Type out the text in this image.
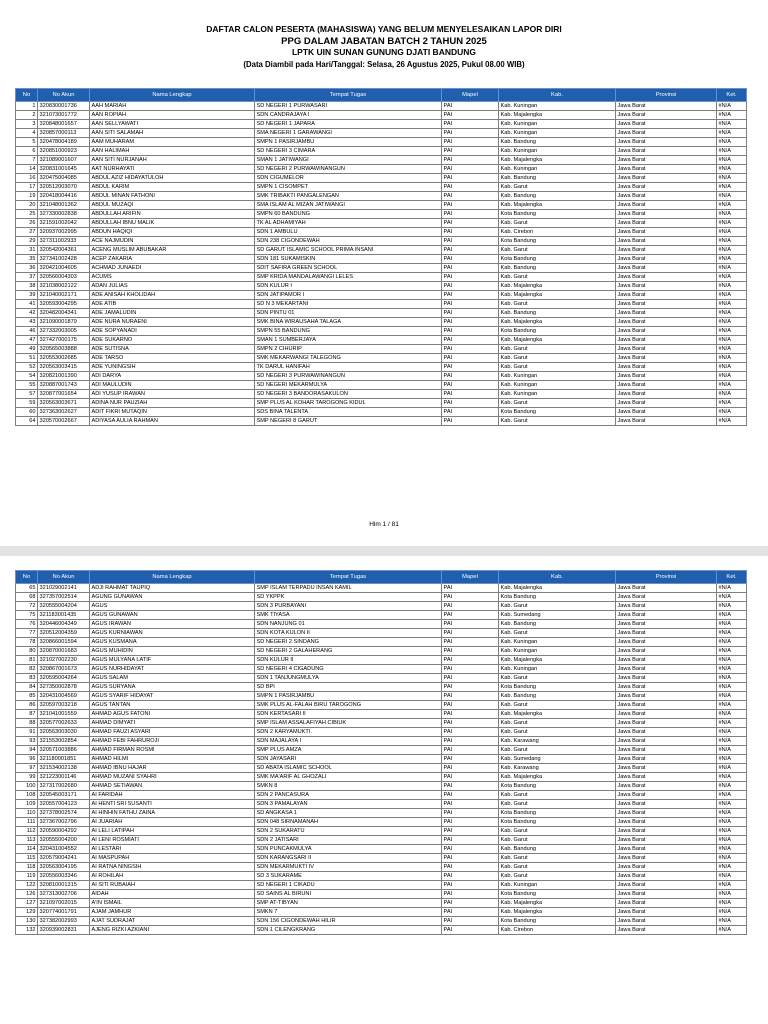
DAFTAR CALON PESERTA (MAHASISWA) YANG BELUM MENYELESAIKAN LAPOR DIRI
PPG DALAM JABATAN BATCH 2 TAHUN 2025
LPTK UIN SUNAN GUNUNG DJATI BANDUNG
(Data Diambil pada Hari/Tanggal: Selasa, 26 Agustus 2025, Pukul 08.00 WIB)
No	No Akun	Nama Lengkap	Tempat Tugas	Mapel	Kab.	Provinsi	Ket.
1	320830001736	AAH MARIAH	SD NEGERI 1 PURWASARI	PAI	Kab. Kuningan	Jawa Barat	#N/A
2	321073001772	AAN ROPIAH	SDN CANDRAJAYA I	PAI	Kab. Majalengka	Jawa Barat	#N/A
3	320848001657	AAN SELLYAWATI	SD NEGERI 1 JAPARA	PAI	Kab. Kuningan	Jawa Barat	#N/A
4	320857000113	AAN SITI SALAMAH	SMA NEGERI 1 GARAWANGI	PAI	Kab. Kuningan	Jawa Barat	#N/A
5	320478004189	AAM MUHARAM	SMPN 1 PASIRJAMBU	PAI	Kab. Bandung	Jawa Barat	#N/A
6	320851000923	AAN HALIMAH	SD NEGERI 3 CIMARA	PAI	Kab. Kuningan	Jawa Barat	#N/A
7	321089001607	AAN SITI NURJANAH	SMAN 1 JATIWANGI	PAI	Kab. Majalengka	Jawa Barat	#N/A
14	320831001645	AAT NURHAYATI	SD NEGERI 2 PURWAWINANGUN	PAI	Kab. Kuningan	Jawa Barat	#N/A
16	320475004085	ABDUL AZIZ HIDAYATULOH	SDN CIGUMELOR	PAI	Kab. Bandung	Jawa Barat	#N/A
17	320512003070	ABDUL KARIM	SMPN 1 CISOMPET	PAI	Kab. Garut	Jawa Barat	#N/A
19	320418004416	ABDUL MINAN FATHONI	SMK TRIBAKTI PANGALENGAN	PAI	Kab. Bandung	Jawa Barat	#N/A
20	321048001362	ABDUL MUZAQI	SMA ISLAM AL MIZAN JATIWANGI	PAI	Kab. Majalengka	Jawa Barat	#N/A
25	327330002838	ABDULLAH ARIFIN	SMPN 60 BANDUNG	PAI	Kota Bandung	Jawa Barat	#N/A
26	321591002042	ABDULLAH IBNU MALIK	TK AL ADHAMIYAH	PAI	Kab. Garut	Jawa Barat	#N/A
27	320937002995	ABDUN HAQIQI	SDN 1 AMBULU	PAI	Kab. Cirebon	Jawa Barat	#N/A
29	327311002933	ACE NAJMUDIN	SDN 238 CIGONDEWAH	PAI	Kota Bandung	Jawa Barat	#N/A
31	320542004361	ACENG MUSLIM ABUBAKAR	SD GARUT ISLAMIC SCHOOL PRIMA INSANI	PAI	Kab. Garut	Jawa Barat	#N/A
35	327341002428	ACEP ZAKARIA	SDN 181 SUKAMISKIN	PAI	Kota Bandung	Jawa Barat	#N/A
36	320421004605	ACHMAD JUNAEDI	SDIT SAFIRA GREEN SCHOOL	PAI	Kab. Bandung	Jawa Barat	#N/A
37	320566004303	ACUMS	SMP KRIDA MANDALAWANGI LELES	PAI	Kab. Garut	Jawa Barat	#N/A
38	321038002122	ADAN JULIAS	SDN KULUR I	PAI	Kab. Majalengka	Jawa Barat	#N/A
39	321040002171	ADE ANISAH KHOLIDAH	SDN JATIPAMOR I	PAI	Kab. Majalengka	Jawa Barat	#N/A
41	320593004295	ADE ATIB	SD N 3 MEKARTANI	PAI	Kab. Garut	Jawa Barat	#N/A
42	320482004341	ADE JAMALUDIN	SDN PINTU 01	PAI	Kab. Bandung	Jawa Barat	#N/A
43	321090001879	ADE NURA NURAENI	SMK BINA WIRAUSAHA TALAGA	PAI	Kab. Majalengka	Jawa Barat	#N/A
46	327332003005	ADE SOPYANADI	SMPN 55 BANDUNG	PAI	Kota Bandung	Jawa Barat	#N/A
47	327427000175	ADE SUKARNO	SMAN 1 SUMBERJAYA	PAI	Kab. Majalengka	Jawa Barat	#N/A
49	320565003888	ADE SUTISNA	SMPN 2 CIHURIP	PAI	Kab. Garut	Jawa Barat	#N/A
51	320553002685	ADE TARSO	SMK MEKARWANGI TALEGONG	PAI	Kab. Garut	Jawa Barat	#N/A
52	320563003415	ADE YUNINGSIH	TK DARUL HANIFAH	PAI	Kab. Garut	Jawa Barat	#N/A
54	320821001390	ADI DARYA	SD NEGERI 3 PURWAWINANGUN	PAI	Kab. Kuningan	Jawa Barat	#N/A
55	320887001743	ADI MAULUDIN	SD NEGERI MEKARMULYA	PAI	Kab. Kuningan	Jawa Barat	#N/A
57	320877001654	ADI YUSUP IRAWAN	SD NEGERI 3 BANDORASAKULON	PAI	Kab. Kuningan	Jawa Barat	#N/A
59	320563003671	ADINA NUR PAUZIAH	SMP PLUS AL KOHAR TAROGONG KIDUL	PAI	Kab. Garut	Jawa Barat	#N/A
60	327363002627	ADIT FIKRI MUTAQIN	SDS BINA TALENTA	PAI	Kota Bandung	Jawa Barat	#N/A
64	320570002667	ADIYASA AULIA RAHMAN	SMP NEGERI 8 GARUT	PAI	Kab. Garut	Jawa Barat	#N/A
Hlm 1 / 81
No	No Akun	Nama Lengkap	Tempat Tugas	Mapel	Kab.	Provinsi	Ket.
65	321029002141	ADJI RAHMAT TAUPIQ	SMP ISLAM TERPADU INSAN KAMIL	PAI	Kab. Majalengka	Jawa Barat	#N/A
68	327357002514	AGUNG GUNAWAN	SD YKPPK	PAI	Kota Bandung	Jawa Barat	#N/A
72	320555004204	AGUS	SDN 3 PURBAYANI	PAI	Kab. Garut	Jawa Barat	#N/A
75	321183001435	AGUS GUNAWAN	SMK TIYASA	PAI	Kab. Sumedang	Jawa Barat	#N/A
76	320446004349	AGUS IRAWAN	SDN NANJUNG 01	PAI	Kab. Bandung	Jawa Barat	#N/A
77	320512004359	AGUS KURNIAWAN	SDN KOTA KULON II	PAI	Kab. Garut	Jawa Barat	#N/A
78	320866001594	AGUS KUSMANA	SD NEGERI 2 SINDANG	PAI	Kab. Kuningan	Jawa Barat	#N/A
80	320870001683	AGUS MUHIDIN	SD NEGERI 2 GALAHERANG	PAI	Kab. Kuningan	Jawa Barat	#N/A
81	321027002230	AGUS MULYANA LATIF	SDN KULUR II	PAI	Kab. Majalengka	Jawa Barat	#N/A
82	320867001673	AGUS NURHIDAYAT	SD NEGERI 4 CIGADUNG	PAI	Kab. Kuningan	Jawa Barat	#N/A
83	320595004264	AGUS SALAM	SDN 1 TANJUNGMULYA	PAI	Kab. Garut	Jawa Barat	#N/A
84	327350002878	AGUS SURYANA	SD BPI	PAI	Kota Bandung	Jawa Barat	#N/A
85	320431004569	AGUS SYARIF HIDAYAT	SMPN 1 PASIRJAMBU	PAI	Kab. Bandung	Jawa Barat	#N/A
86	320597003218	AGUS TANTAN	SMK PLUS AL-FALAH BIRU TAROGONG	PAI	Kab. Garut	Jawa Barat	#N/A
87	321041001559	AHMAD AGUS FATONI	SDN KERTASARI II	PAI	Kab. Majalengka	Jawa Barat	#N/A
88	320577002633	AHMAD DIMYATI	SMP ISLAM ASSALAFIYAH CIBIUK	PAI	Kab. Garut	Jawa Barat	#N/A
91	320563003030	AHMAD FAUZI ASYARI	SDN 2 KARYAMUKTI.	PAI	Kab. Garut	Jawa Barat	#N/A
93	321553002854	AHMAD FEBI FAHRUROJI	SDN MAJALAYA I	PAI	Kab. Karawang	Jawa Barat	#N/A
94	320571003886	AHMAD FIRMAN ROSMI	SMP PLUS AMZA	PAI	Kab. Garut	Jawa Barat	#N/A
96	321180001851	AHMAD HILMI	SDN JAYASARI	PAI	Kab. Sumedang	Jawa Barat	#N/A
97	321534002138	AHMAD IBNU HAJAR	SD ABATA ISLAMIC SCHOOL	PAI	Kab. Karawang	Jawa Barat	#N/A
99	321223001146	AHMAD MUZANI SYAHRI	SMK MA'ARIF AL GHOZALI	PAI	Kab. Majalengka	Jawa Barat	#N/A
100	327317002680	AHMAD SETIAWAN	SMKN 8	PAI	Kota Bandung	Jawa Barat	#N/A
108	320545003171	AI FARIDAH	SDN 2 PANCASURA	PAI	Kab. Garut	Jawa Barat	#N/A
109	320557004123	AI HENTI SRI SUSANTI	SDN 3 PAMALAYAN	PAI	Kab. Garut	Jawa Barat	#N/A
110	327378002574	AI HINHIN FATHU ZAINA	SD ANGKASA 1	PAI	Kota Bandung	Jawa Barat	#N/A
111	327367002796	AI JUARIAH	SDN 048 SIRNAMANAH	PAI	Kota Bandung	Jawa Barat	#N/A
112	320590004292	AI LELI LATIPAH	SDN 2 SUKARATU	PAI	Kab. Garut	Jawa Barat	#N/A
113	320555004200	AI LENI ROSMIATI	SDN 2 JATISARI	PAI	Kab. Garut	Jawa Barat	#N/A
114	320431004552	AI LESTARI	SDN PUNCAKMULYA	PAI	Kab. Bandung	Jawa Barat	#N/A
115	320579004241	AI MASPUPAH	SDN KARANGSARI II	PAI	Kab. Garut	Jawa Barat	#N/A
118	320563004195	AI RATNA NINGSIH	SDN MEKARMUKTI IV	PAI	Kab. Garut	Jawa Barat	#N/A
119	320556003346	AI ROHILAH	SD 3 SUKARAME	PAI	Kab. Garut	Jawa Barat	#N/A
122	320810001315	AI SITI RUBAIAH	SD NEGERI 1 CIKADU	PAI	Kab. Kuningan	Jawa Barat	#N/A
126	327313002706	AIDAH	SD SAINS AL BIRUNI	PAI	Kota Bandung	Jawa Barat	#N/A
127	321097002015	A'IN ISMAIL	SMP AT-TIBYAN	PAI	Kab. Majalengka	Jawa Barat	#N/A
129	320774001791	AJAM JAMHUR	SMKN 7	PAI	Kab. Majalengka	Jawa Barat	#N/A
130	327382002993	AJAT SUDRAJAT	SDN 156 CIGONDEWAH HILIR	PAI	Kota Bandung	Jawa Barat	#N/A
132	320939002831	AJENG RIZKI AZKIANI	SDN 1 CILENGKRANG	PAI	Kab. Cirebon	Jawa Barat	#N/A
